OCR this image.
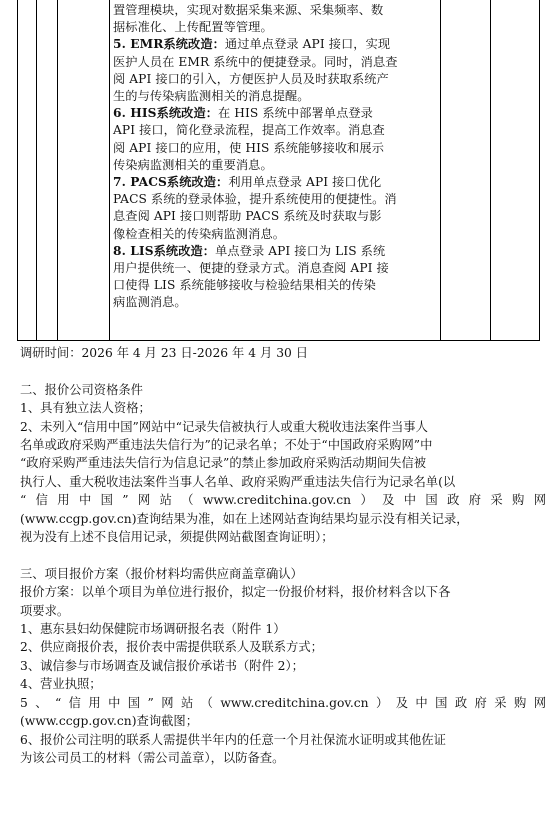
置管理模块，实现对数据采集来源、采集频率、数

据标准化、上传配置等管理。

5. EMR系统改造：通过单点登录 API 接口，实现

医护人员在 EMR 系统中的便捷登录。同时，消息查

阅 API 接口的引入，方便医护人员及时获取系统产

生的与传染病监测相关的消息提醒。

6. HIS系统改造：在 HIS 系统中部署单点登录

API 接口，简化登录流程，提高工作效率。消息查

阅 API 接口的应用，使 HIS 系统能够接收和展示

传染病监测相关的重要消息。

7. PACS系统改造：利用单点登录 API 接口优化

PACS 系统的登录体验，提升系统使用的便捷性。消

息查阅 API 接口则帮助 PACS 系统及时获取与影

像检查相关的传染病监测消息。

8. LIS系统改造：单点登录 API 接口为 LIS 系统

用户提供统一、便捷的登录方式。消息查阅 API 接

口使得 LIS 系统能够接收与检验结果相关的传染

病监测消息。

调研时间：2026 年 4 月 23 日-2026 年 4 月 30 日

二、报价公司资格条件

1、具有独立法人资格；

2、未列入“信用中国”网站中“记录失信被执行人或重大税收违法案件当事人

名单或政府采购严重违法失信行为”的记录名单；不处于“中国政府采购网”中

“政府采购严重违法失信行为信息记录”的禁止参加政府采购活动期间失信被

执行人、重大税收违法案件当事人名单、政府采购严重违法失信行为记录名单(以

“信用中国”网站（www.creditchina.gov.cn）及中国政府采购网

(www.ccgp.gov.cn)查询结果为准，如在上述网站查询结果均显示没有相关记录，

视为没有上述不良信用记录，须提供网站截图查询证明）；

三、项目报价方案（报价材料均需供应商盖章确认）

报价方案：以单个项目为单位进行报价，拟定一份报价材料，报价材料含以下各

项要求。

1、惠东县妇幼保健院市场调研报名表（附件 1）

2、供应商报价表，报价表中需提供联系人及联系方式；

3、诚信参与市场调查及诚信报价承诺书（附件 2）；

4、营业执照；

5、“信用中国”网站（www.creditchina.gov.cn）及中国政府采购网

(www.ccgp.gov.cn)查询截图；

6、报价公司注明的联系人需提供半年内的任意一个月社保流水证明或其他佐证

为该公司员工的材料（需公司盖章），以防备查。
